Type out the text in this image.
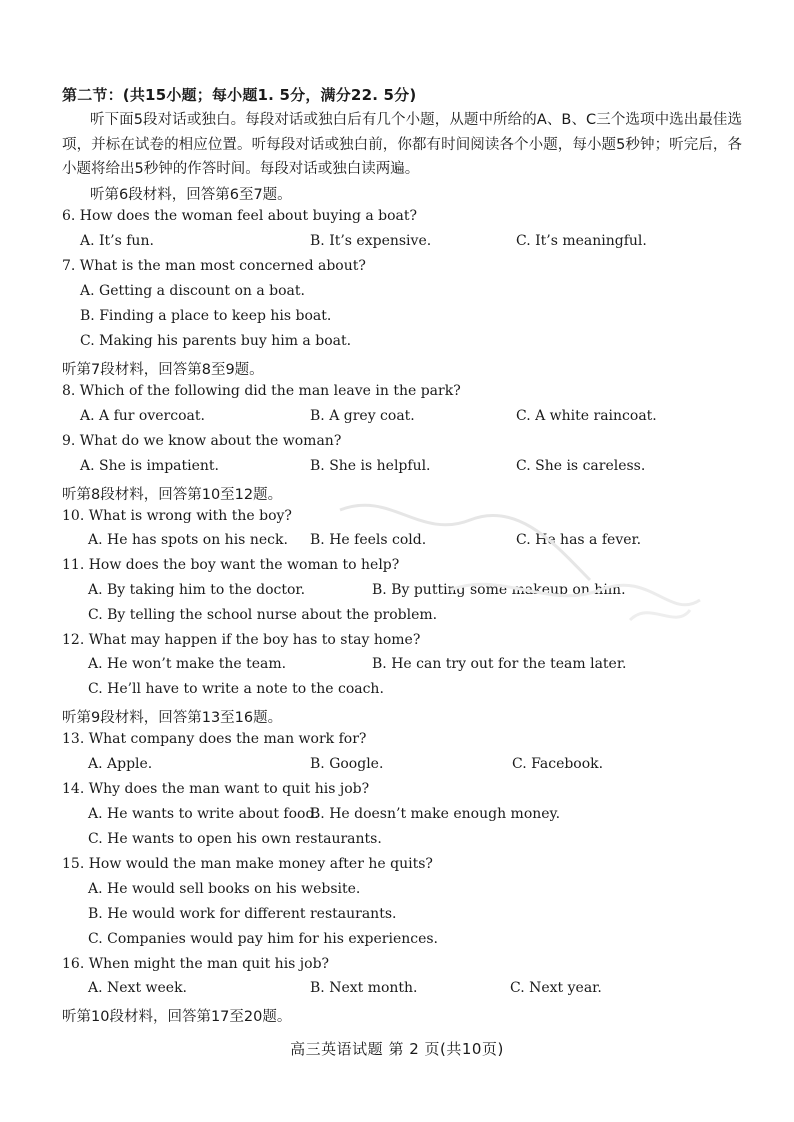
第二节：(共15小题；每小题1. 5分，满分22. 5分)

听下面5段对话或独白。每段对话或独白后有几个小题，从题中所给的A、B、C三个选项中选出最佳选项，并标在试卷的相应位置。听每段对话或独白前，你都有时间阅读各个小题，每小题5秒钟；听完后，各小题将给出5秒钟的作答时间。每段对话或独白读两遍。

听第6段材料，回答第6至7题。
6. How does the woman feel about buying a boat?
A. It’s fun.	B. It’s expensive.	C. It’s meaningful.
7. What is the man most concerned about?
A. Getting a discount on a boat.
B. Finding a place to keep his boat.
C. Making his parents buy him a boat.
听第7段材料，回答第8至9题。
8. Which of the following did the man leave in the park?
A. A fur overcoat.	B. A grey coat.	C. A white raincoat.
9. What do we know about the woman?
A. She is impatient.	B. She is helpful.	C. She is careless.
听第8段材料，回答第10至12题。
10. What is wrong with the boy?
A. He has spots on his neck. B. He feels cold.	C. He has a fever.
11. How does the boy want the woman to help?
A. By taking him to the doctor.	B. By putting some makeup on him.
C. By telling the school nurse about the problem.
12. What may happen if the boy has to stay home?
A. He won’t make the team.	B. He can try out for the team later.
C. He’ll have to write a note to the coach.
听第9段材料，回答第13至16题。
13. What company does the man work for?
A. Apple.	B. Google.	C. Facebook.
14. Why does the man want to quit his job?
A. He wants to write about food.
B. He doesn’t make enough money.
C. He wants to open his own restaurants.
15. How would the man make money after he quits?
A. He would sell books on his website.
B. He would work for different restaurants.
C. Companies would pay him for his experiences.
16. When might the man quit his job?
A. Next week.	B. Next month.	C. Next year.
听第10段材料，回答第17至20题。
高三英语试题 第 2 页(共10页)
